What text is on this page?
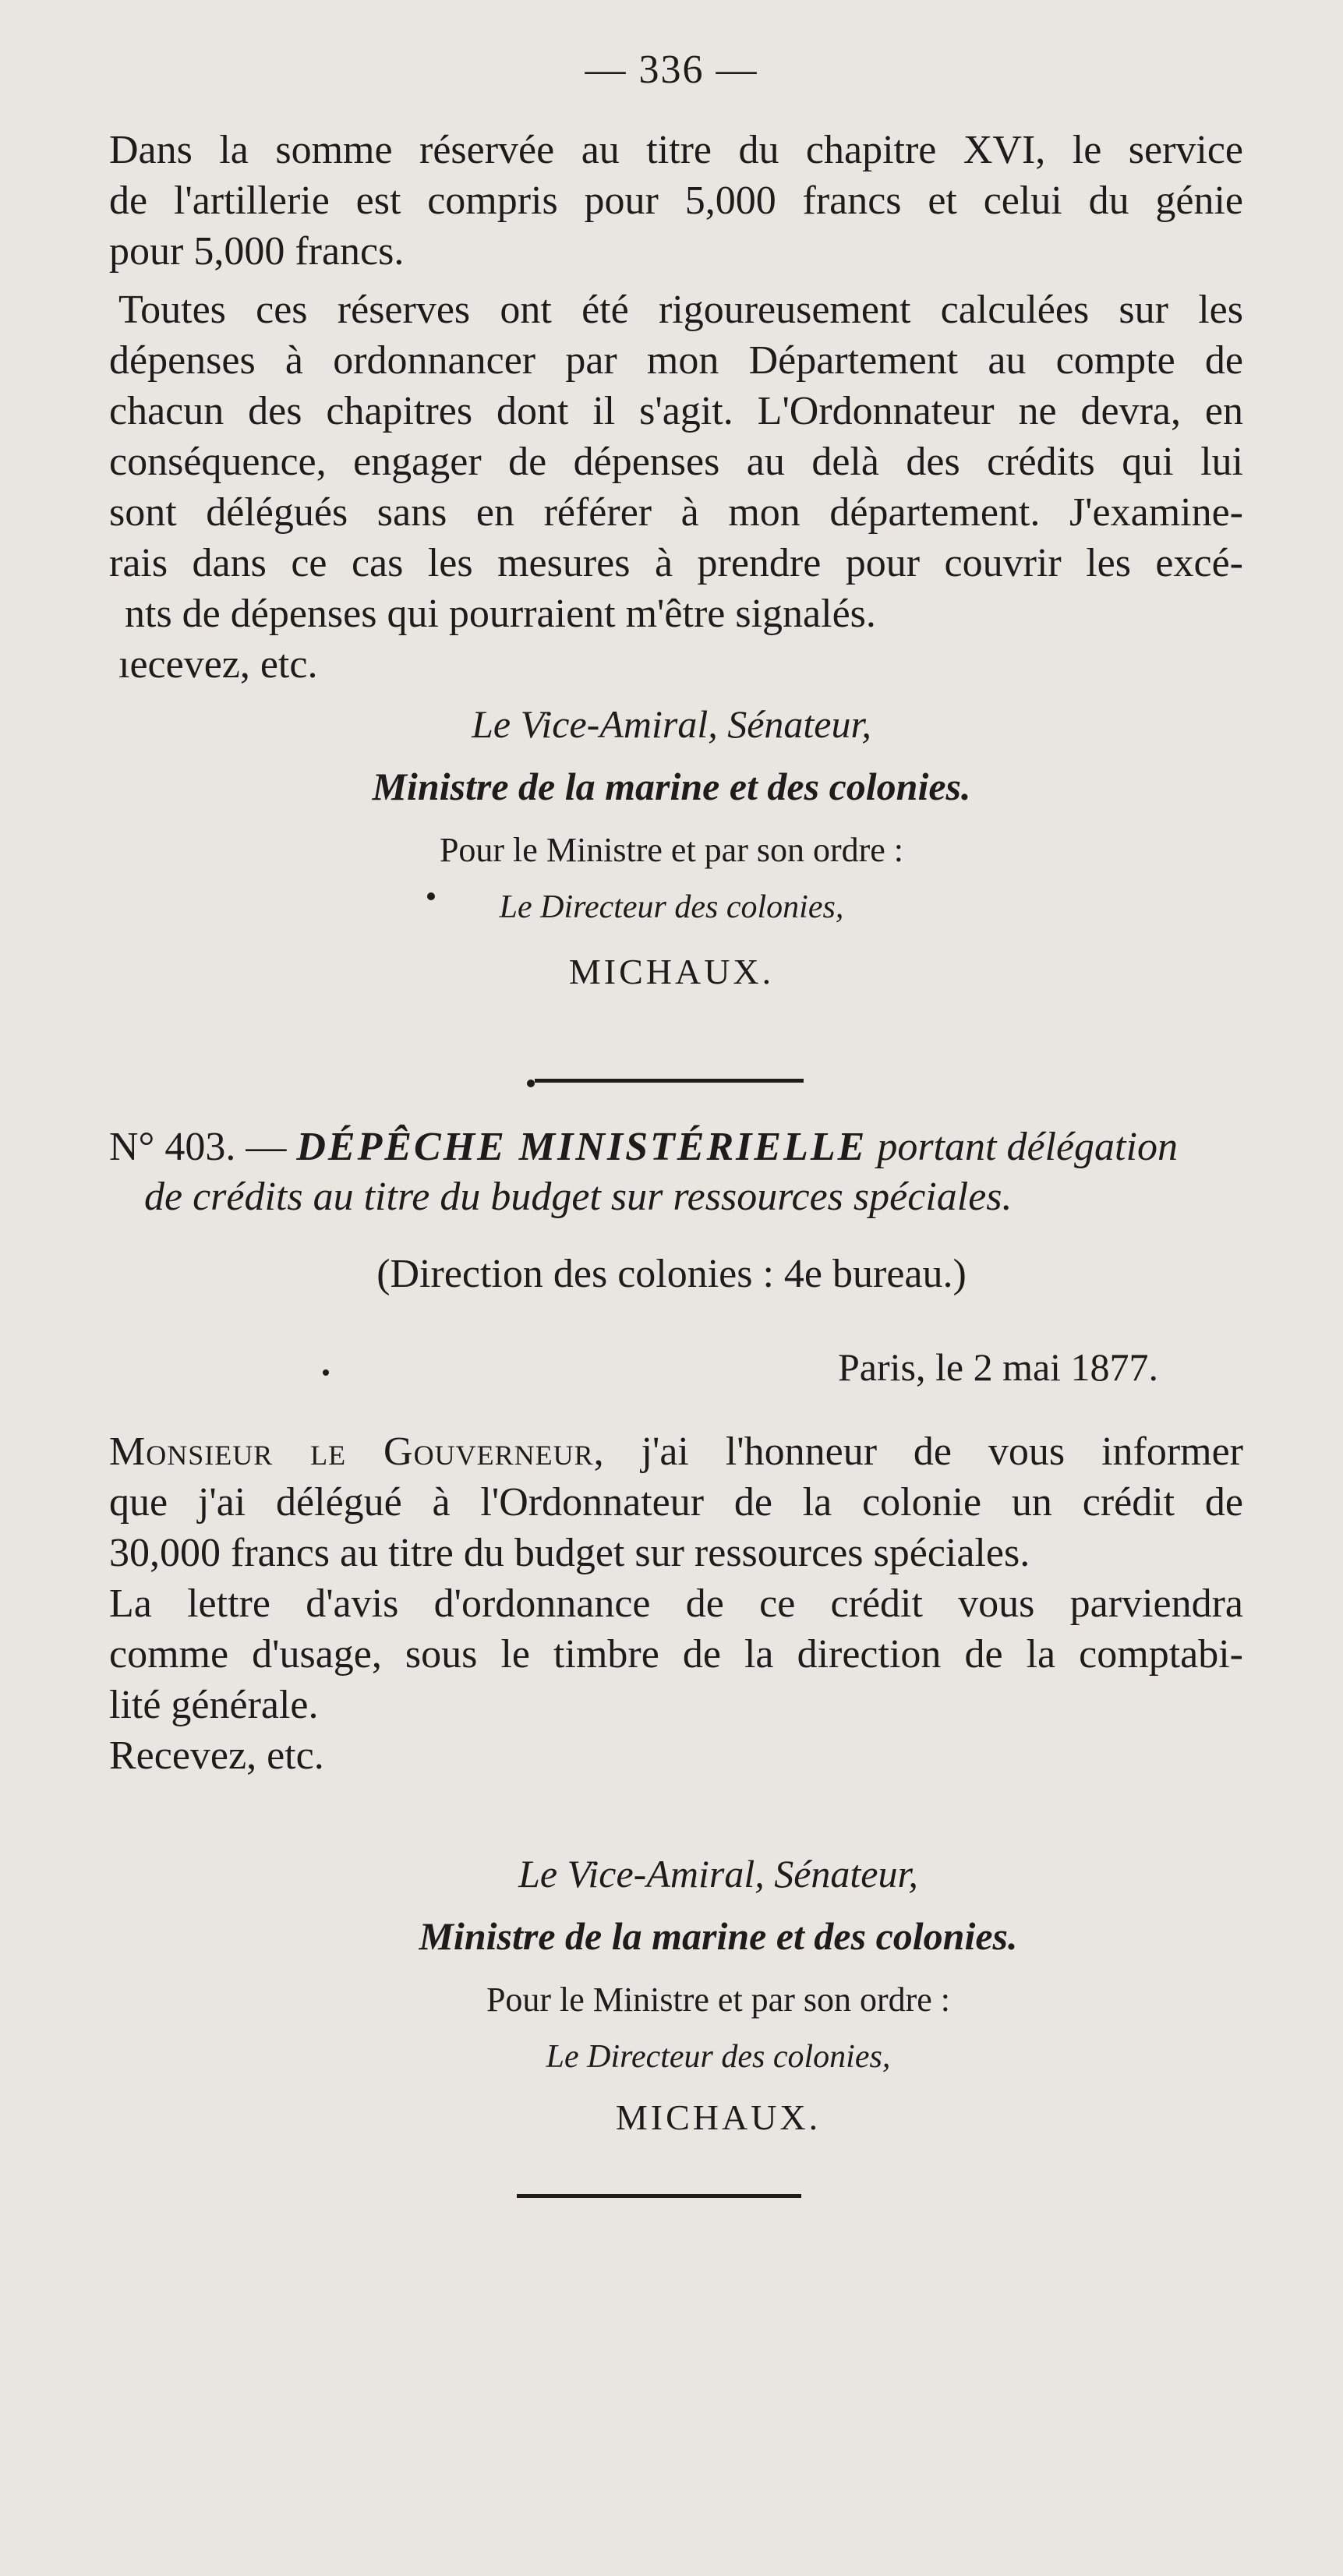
— 336 —
Dans la somme réservée au titre du chapitre XVI, le service
de l'artillerie est compris pour 5,000 francs et celui du génie
pour 5,000 francs.
Toutes ces réserves ont été rigoureusement calculées sur les
dépenses à ordonnancer par mon Département au compte de
chacun des chapitres dont il s'agit. L'Ordonnateur ne devra, en
conséquence, engager de dépenses au delà des crédits qui lui
sont délégués sans en référer à mon département. J'examine-
rais dans ce cas les mesures à prendre pour couvrir les excé-
nts de dépenses qui pourraient m'être signalés.
ıecevez, etc.
Le Vice-Amiral, Sénateur,
Ministre de la marine et des colonies.
Pour le Ministre et par son ordre :
Le Directeur des colonies,
MICHAUX.
N° 403. — DÉPÊCHE MINISTÉRIELLE portant délégation
de crédits au titre du budget sur ressources spéciales.
(Direction des colonies : 4e bureau.)
Paris, le 2 mai 1877.
Monsieur le Gouverneur, j'ai l'honneur de vous informer
que j'ai délégué à l'Ordonnateur de la colonie un crédit de
30,000 francs au titre du budget sur ressources spéciales.
La lettre d'avis d'ordonnance de ce crédit vous parviendra
comme d'usage, sous le timbre de la direction de la comptabi-
lité générale.
Recevez, etc.
Le Vice-Amiral, Sénateur,
Ministre de la marine et des colonies.
Pour le Ministre et par son ordre :
Le Directeur des colonies,
MICHAUX.
